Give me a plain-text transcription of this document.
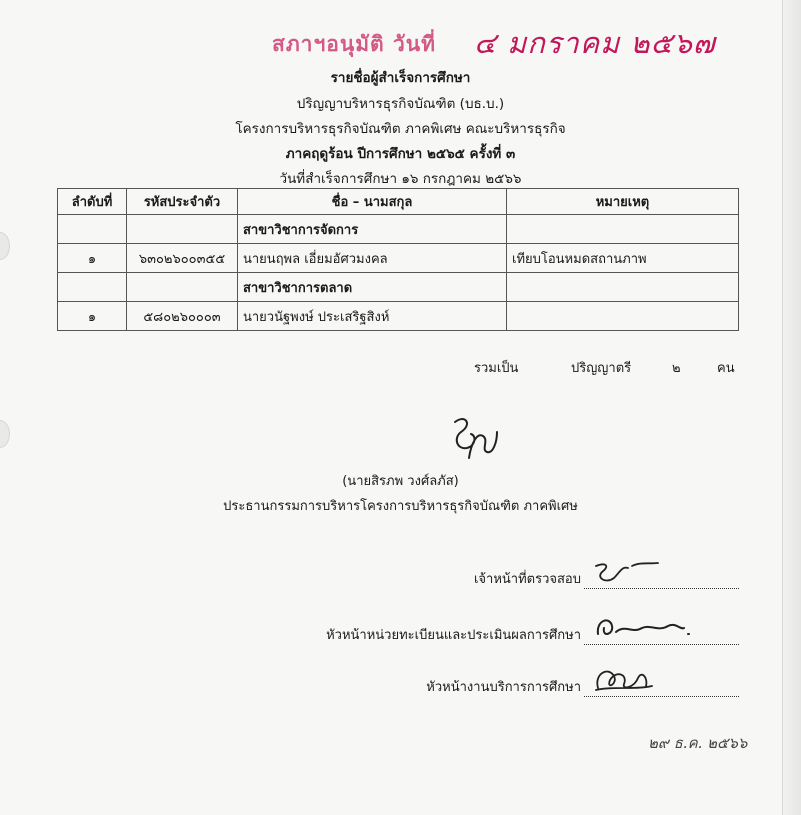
สภาฯอนุมัติ วันที่ ๔ มกราคม ๒๕๖๗
รายชื่อผู้สำเร็จการศึกษา
ปริญญาบริหารธุรกิจบัณฑิต (บธ.บ.)
โครงการบริหารธุรกิจบัณฑิต ภาคพิเศษ คณะบริหารธุรกิจ
ภาคฤดูร้อน ปีการศึกษา ๒๕๖๕ ครั้งที่ ๓
วันที่สำเร็จการศึกษา ๑๖ กรกฎาคม ๒๕๖๖
ลำดับที่	รหัสประจำตัว	ชื่อ – นามสกุล	หมายเหตุ
		สาขาวิชาการจัดการ	
๑	๖๓๐๒๖๐๐๓๕๕	นายนฤพล เอี่ยมอัศวมงคล	เทียบโอนหมดสถานภาพ
		สาขาวิชาการตลาด	
๑	๕๘๐๒๖๐๐๐๓	นายวนัฐพงษ์ ประเสริฐสิงห์	
รวมเป็น	ปริญญาตรี	๒	คน
(นายสิรภพ วงศ์ลภัส)
ประธานกรรมการบริหารโครงการบริหารธุรกิจบัณฑิต ภาคพิเศษ
เจ้าหน้าที่ตรวจสอบ
หัวหน้าหน่วยทะเบียนและประเมินผลการศึกษา
หัวหน้างานบริการการศึกษา
๒๙ ธ.ค. ๒๕๖๖
